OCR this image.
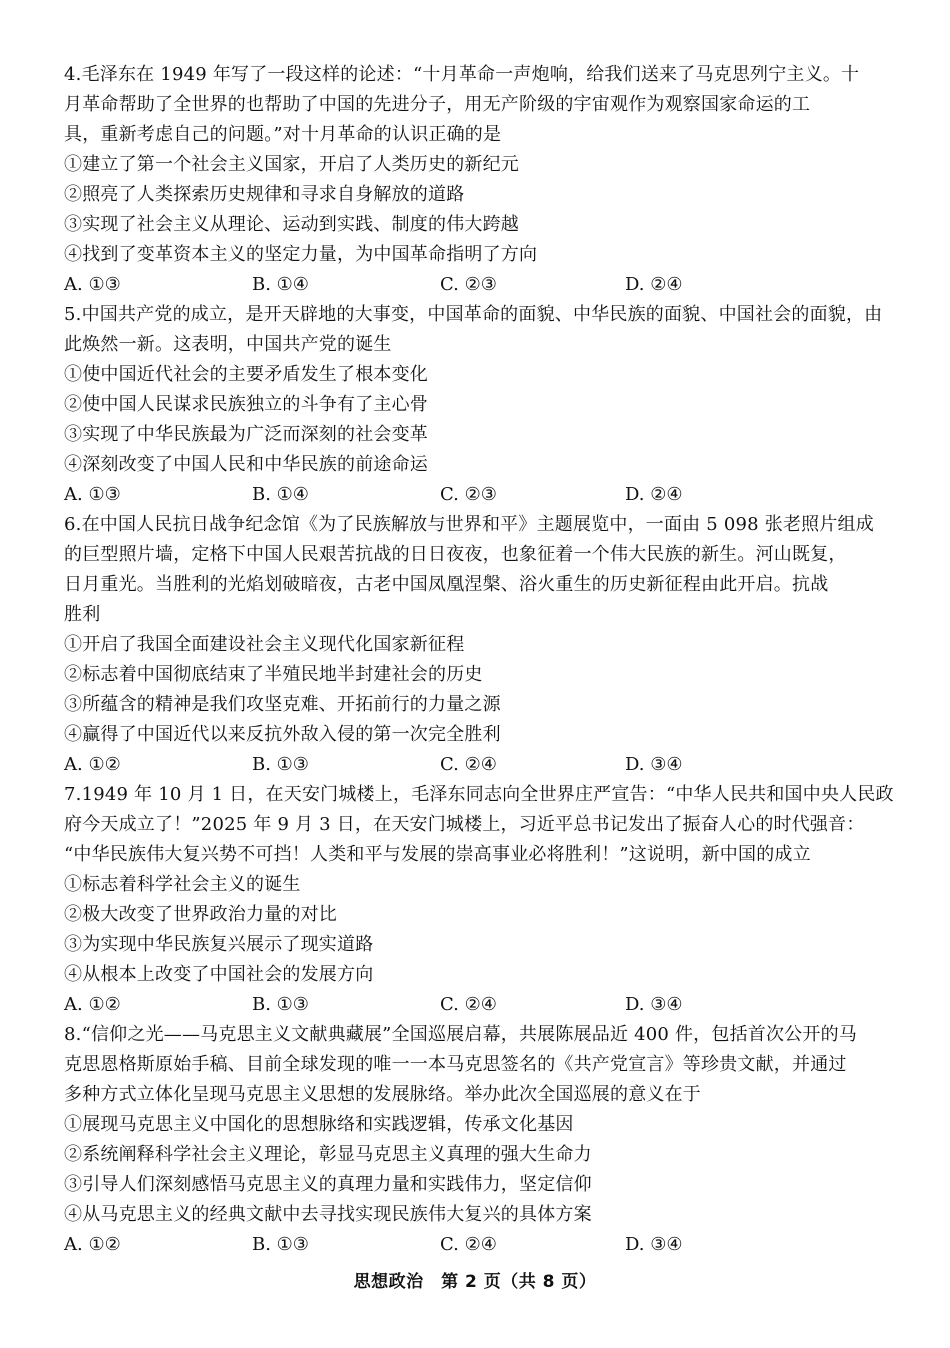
4.毛泽东在 1949 年写了一段这样的论述：“十月革命一声炮响，给我们送来了马克思列宁主义。十
月革命帮助了全世界的也帮助了中国的先进分子，用无产阶级的宇宙观作为观察国家命运的工
具，重新考虑自己的问题。”对十月革命的认识正确的是
①建立了第一个社会主义国家，开启了人类历史的新纪元
②照亮了人类探索历史规律和寻求自身解放的道路
③实现了社会主义从理论、运动到实践、制度的伟大跨越
④找到了变革资本主义的坚定力量，为中国革命指明了方向
A. ①③	B. ①④	C. ②③	D. ②④
5.中国共产党的成立，是开天辟地的大事变，中国革命的面貌、中华民族的面貌、中国社会的面貌，由
此焕然一新。这表明，中国共产党的诞生
①使中国近代社会的主要矛盾发生了根本变化
②使中国人民谋求民族独立的斗争有了主心骨
③实现了中华民族最为广泛而深刻的社会变革
④深刻改变了中国人民和中华民族的前途命运
A. ①③	B. ①④	C. ②③	D. ②④
6.在中国人民抗日战争纪念馆《为了民族解放与世界和平》主题展览中，一面由 5 098 张老照片组成
的巨型照片墙，定格下中国人民艰苦抗战的日日夜夜，也象征着一个伟大民族的新生。河山既复，
日月重光。当胜利的光焰划破暗夜，古老中国凤凰涅槃、浴火重生的历史新征程由此开启。抗战
胜利
①开启了我国全面建设社会主义现代化国家新征程
②标志着中国彻底结束了半殖民地半封建社会的历史
③所蕴含的精神是我们攻坚克难、开拓前行的力量之源
④赢得了中国近代以来反抗外敌入侵的第一次完全胜利
A. ①②	B. ①③	C. ②④	D. ③④
7.1949 年 10 月 1 日，在天安门城楼上，毛泽东同志向全世界庄严宣告：“中华人民共和国中央人民政
府今天成立了！”2025 年 9 月 3 日，在天安门城楼上，习近平总书记发出了振奋人心的时代强音：
“中华民族伟大复兴势不可挡！人类和平与发展的崇高事业必将胜利！”这说明，新中国的成立
①标志着科学社会主义的诞生
②极大改变了世界政治力量的对比
③为实现中华民族复兴展示了现实道路
④从根本上改变了中国社会的发展方向
A. ①②	B. ①③	C. ②④	D. ③④
8.“信仰之光——马克思主义文献典藏展”全国巡展启幕，共展陈展品近 400 件，包括首次公开的马
克思恩格斯原始手稿、目前全球发现的唯一一本马克思签名的《共产党宣言》等珍贵文献，并通过
多种方式立体化呈现马克思主义思想的发展脉络。举办此次全国巡展的意义在于
①展现马克思主义中国化的思想脉络和实践逻辑，传承文化基因
②系统阐释科学社会主义理论，彰显马克思主义真理的强大生命力
③引导人们深刻感悟马克思主义的真理力量和实践伟力，坚定信仰
④从马克思主义的经典文献中去寻找实现民族伟大复兴的具体方案
A. ①②	B. ①③	C. ②④	D. ③④
思想政治　第 2 页（共 8 页）
